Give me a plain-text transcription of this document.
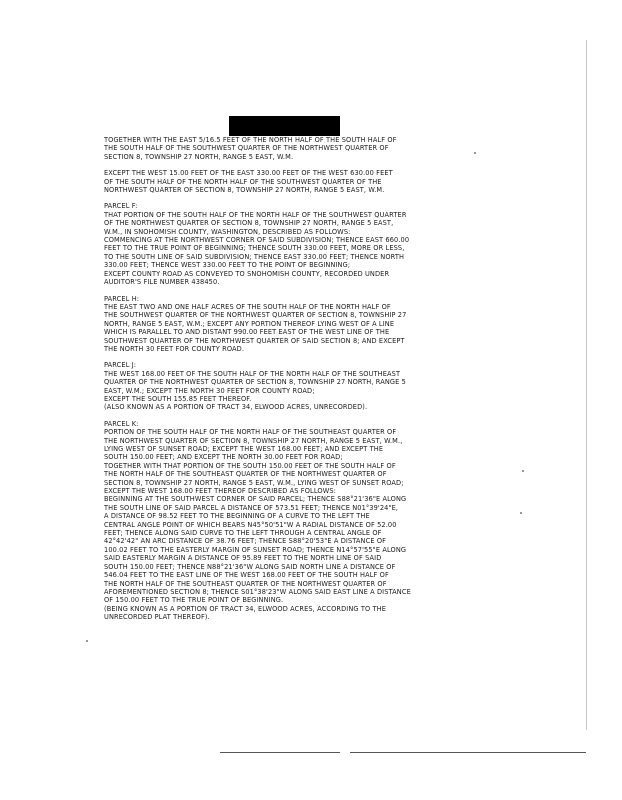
TOGETHER WITH THE EAST 5/16.5 FEET OF THE NORTH HALF OF THE SOUTH HALF OF
THE SOUTH HALF OF THE SOUTHWEST QUARTER OF THE NORTHWEST QUARTER OF
SECTION 8, TOWNSHIP 27 NORTH, RANGE 5 EAST, W.M.
EXCEPT THE WEST 15.00 FEET OF THE EAST 330.00 FEET OF THE WEST 630.00 FEET
OF THE SOUTH HALF OF THE NORTH HALF OF THE SOUTHWEST QUARTER OF THE
NORTHWEST QUARTER OF SECTION 8, TOWNSHIP 27 NORTH, RANGE 5 EAST, W.M.
PARCEL F:
THAT PORTION OF THE SOUTH HALF OF THE NORTH HALF OF THE SOUTHWEST QUARTER
OF THE NORTHWEST QUARTER OF SECTION 8, TOWNSHIP 27 NORTH, RANGE 5 EAST,
W.M., IN SNOHOMISH COUNTY, WASHINGTON, DESCRIBED AS FOLLOWS:
COMMENCING AT THE NORTHWEST CORNER OF SAID SUBDIVISION; THENCE EAST 660.00
FEET TO THE TRUE POINT OF BEGINNING; THENCE SOUTH 330.00 FEET, MORE OR LESS,
TO THE SOUTH LINE OF SAID SUBDIVISION; THENCE EAST 330.00 FEET; THENCE NORTH
330.00 FEET; THENCE WEST 330.00 FEET TO THE POINT OF BEGINNING;
EXCEPT COUNTY ROAD AS CONVEYED TO SNOHOMISH COUNTY, RECORDED UNDER
AUDITOR'S FILE NUMBER 438450.
PARCEL H:
THE EAST TWO AND ONE HALF ACRES OF THE SOUTH HALF OF THE NORTH HALF OF
THE SOUTHWEST QUARTER OF THE NORTHWEST QUARTER OF SECTION 8, TOWNSHIP 27
NORTH, RANGE 5 EAST, W.M.; EXCEPT ANY PORTION THEREOF LYING WEST OF A LINE
WHICH IS PARALLEL TO AND DISTANT 990.00 FEET EAST OF THE WEST LINE OF THE
SOUTHWEST QUARTER OF THE NORTHWEST QUARTER OF SAID SECTION 8; AND EXCEPT
THE NORTH 30 FEET FOR COUNTY ROAD.
PARCEL J:
THE WEST 168.00 FEET OF THE SOUTH HALF OF THE NORTH HALF OF THE SOUTHEAST
QUARTER OF THE NORTHWEST QUARTER OF SECTION 8, TOWNSHIP 27 NORTH, RANGE 5
EAST, W.M.; EXCEPT THE NORTH 30 FEET FOR COUNTY ROAD;
EXCEPT THE SOUTH 155.85 FEET THEREOF.
(ALSO KNOWN AS A PORTION OF TRACT 34, ELWOOD ACRES, UNRECORDED).
PARCEL K:
PORTION OF THE SOUTH HALF OF THE NORTH HALF OF THE SOUTHEAST QUARTER OF
THE NORTHWEST QUARTER OF SECTION 8, TOWNSHIP 27 NORTH, RANGE 5 EAST, W.M.,
LYING WEST OF SUNSET ROAD; EXCEPT THE WEST 168.00 FEET; AND EXCEPT THE
SOUTH 150.00 FEET; AND EXCEPT THE NORTH 30.00 FEET FOR ROAD;
TOGETHER WITH THAT PORTION OF THE SOUTH 150.00 FEET OF THE SOUTH HALF OF
THE NORTH HALF OF THE SOUTHEAST QUARTER OF THE NORTHWEST QUARTER OF
SECTION 8, TOWNSHIP 27 NORTH, RANGE 5 EAST, W.M., LYING WEST OF SUNSET ROAD;
EXCEPT THE WEST 168.00 FEET THEREOF DESCRIBED AS FOLLOWS:
BEGINNING AT THE SOUTHWEST CORNER OF SAID PARCEL; THENCE S88°21'36"E ALONG
THE SOUTH LINE OF SAID PARCEL A DISTANCE OF 573.51 FEET; THENCE N01°39'24"E,
A DISTANCE OF 98.52 FEET TO THE BEGINNING OF A CURVE TO THE LEFT THE
CENTRAL ANGLE POINT OF WHICH BEARS N45°50'51"W A RADIAL DISTANCE OF 52.00
FEET; THENCE ALONG SAID CURVE TO THE LEFT THROUGH A CENTRAL ANGLE OF
42°42'42" AN ARC DISTANCE OF 38.76 FEET; THENCE S88°20'53"E A DISTANCE OF
100.02 FEET TO THE EASTERLY MARGIN OF SUNSET ROAD; THENCE N14°57'55"E ALONG
SAID EASTERLY MARGIN A DISTANCE OF 95.89 FEET TO THE NORTH LINE OF SAID
SOUTH 150.00 FEET; THENCE N88°21'36"W ALONG SAID NORTH LINE A DISTANCE OF
546.04 FEET TO THE EAST LINE OF THE WEST 168.00 FEET OF THE SOUTH HALF OF
THE NORTH HALF OF THE SOUTHEAST QUARTER OF THE NORTHWEST QUARTER OF
AFOREMENTIONED SECTION 8; THENCE S01°38'23"W ALONG SAID EAST LINE A DISTANCE
OF 150.00 FEET TO THE TRUE POINT OF BEGINNING.
(BEING KNOWN AS A PORTION OF TRACT 34, ELWOOD ACRES, ACCORDING TO THE
UNRECORDED PLAT THEREOF).
